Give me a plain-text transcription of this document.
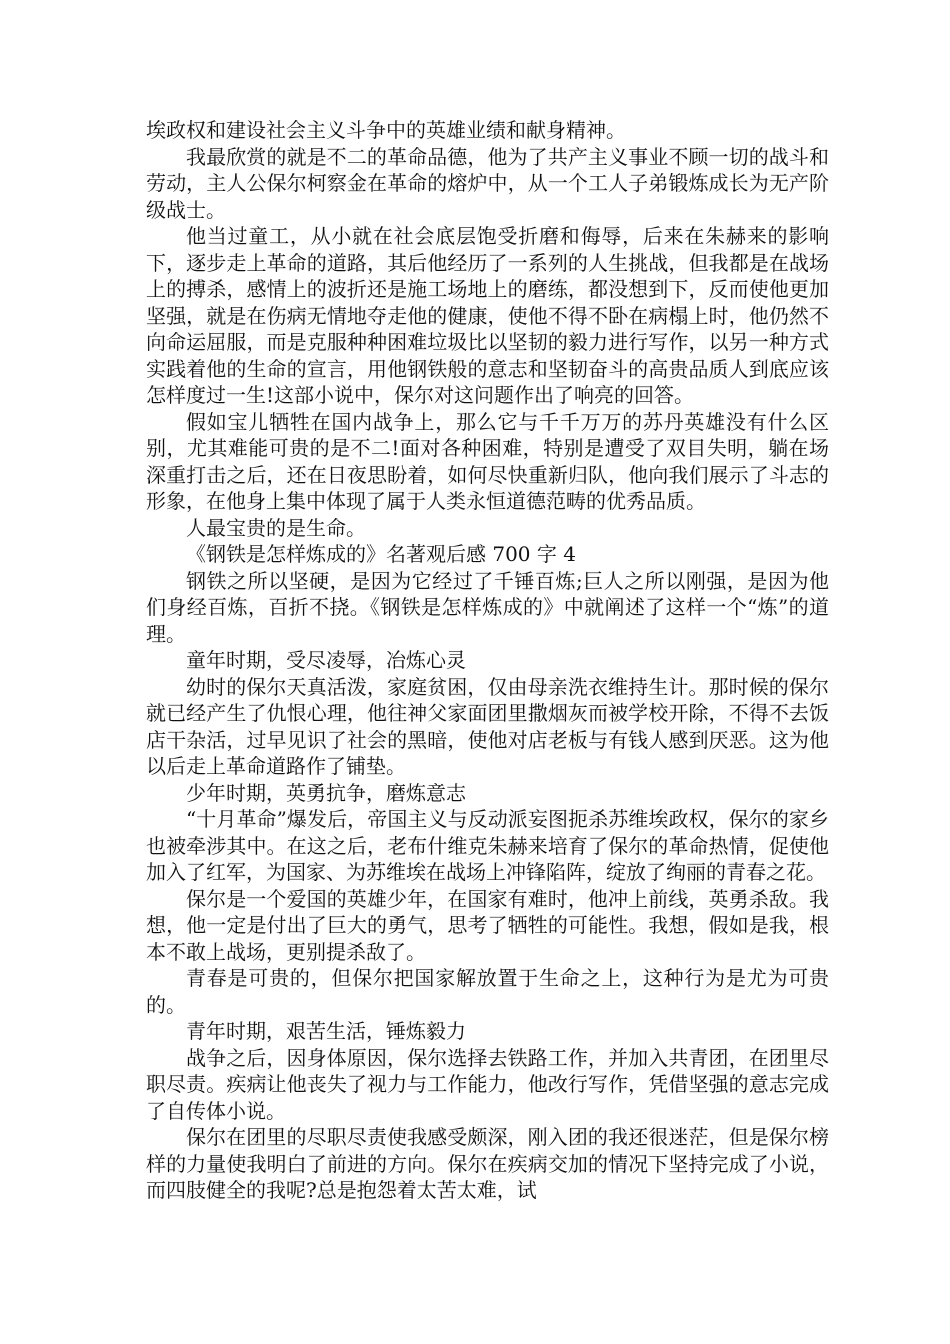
埃政权和建设社会主义斗争中的英雄业绩和献身精神。

我最欣赏的就是不二的革命品德，他为了共产主义事业不顾一切的战斗和劳动，主人公保尔柯察金在革命的熔炉中，从一个工人子弟锻炼成长为无产阶级战士。

他当过童工，从小就在社会底层饱受折磨和侮辱，后来在朱赫来的影响下，逐步走上革命的道路，其后他经历了一系列的人生挑战，但我都是在战场上的搏杀，感情上的波折还是施工场地上的磨练，都没想到下，反而使他更加坚强，就是在伤病无情地夺走他的健康，使他不得不卧在病榻上时，他仍然不向命运屈服，而是克服种种困难垃圾比以坚韧的毅力进行写作，以另一种方式实践着他的生命的宣言，用他钢铁般的意志和坚韧奋斗的高贵品质人到底应该怎样度过一生!这部小说中，保尔对这问题作出了响亮的回答。

假如宝儿牺牲在国内战争上，那么它与千千万万的苏丹英雄没有什么区别，尤其难能可贵的是不二!面对各种困难，特别是遭受了双目失明，躺在场深重打击之后，还在日夜思盼着，如何尽快重新归队，他向我们展示了斗志的形象，在他身上集中体现了属于人类永恒道德范畴的优秀品质。

人最宝贵的是生命。

《钢铁是怎样炼成的》名著观后感 700 字 4

钢铁之所以坚硬，是因为它经过了千锤百炼;巨人之所以刚强，是因为他们身经百炼，百折不挠。《钢铁是怎样炼成的》中就阐述了这样一个“炼”的道理。

童年时期，受尽凌辱，冶炼心灵

幼时的保尔天真活泼，家庭贫困，仅由母亲洗衣维持生计。那时候的保尔就已经产生了仇恨心理，他往神父家面团里撒烟灰而被学校开除，不得不去饭店干杂活，过早见识了社会的黑暗，使他对店老板与有钱人感到厌恶。这为他以后走上革命道路作了铺垫。

少年时期，英勇抗争，磨炼意志

“十月革命”爆发后，帝国主义与反动派妄图扼杀苏维埃政权，保尔的家乡也被牵涉其中。在这之后，老布什维克朱赫来培育了保尔的革命热情，促使他加入了红军，为国家、为苏维埃在战场上冲锋陷阵，绽放了绚丽的青春之花。

保尔是一个爱国的英雄少年，在国家有难时，他冲上前线，英勇杀敌。我想，他一定是付出了巨大的勇气，思考了牺牲的可能性。我想，假如是我，根本不敢上战场，更别提杀敌了。

青春是可贵的，但保尔把国家解放置于生命之上，这种行为是尤为可贵的。

青年时期，艰苦生活，锤炼毅力

战争之后，因身体原因，保尔选择去铁路工作，并加入共青团，在团里尽职尽责。疾病让他丧失了视力与工作能力，他改行写作，凭借坚强的意志完成了自传体小说。

保尔在团里的尽职尽责使我感受颇深，刚入团的我还很迷茫，但是保尔榜样的力量使我明白了前进的方向。保尔在疾病交加的情况下坚持完成了小说，而四肢健全的我呢?总是抱怨着太苦太难，试
